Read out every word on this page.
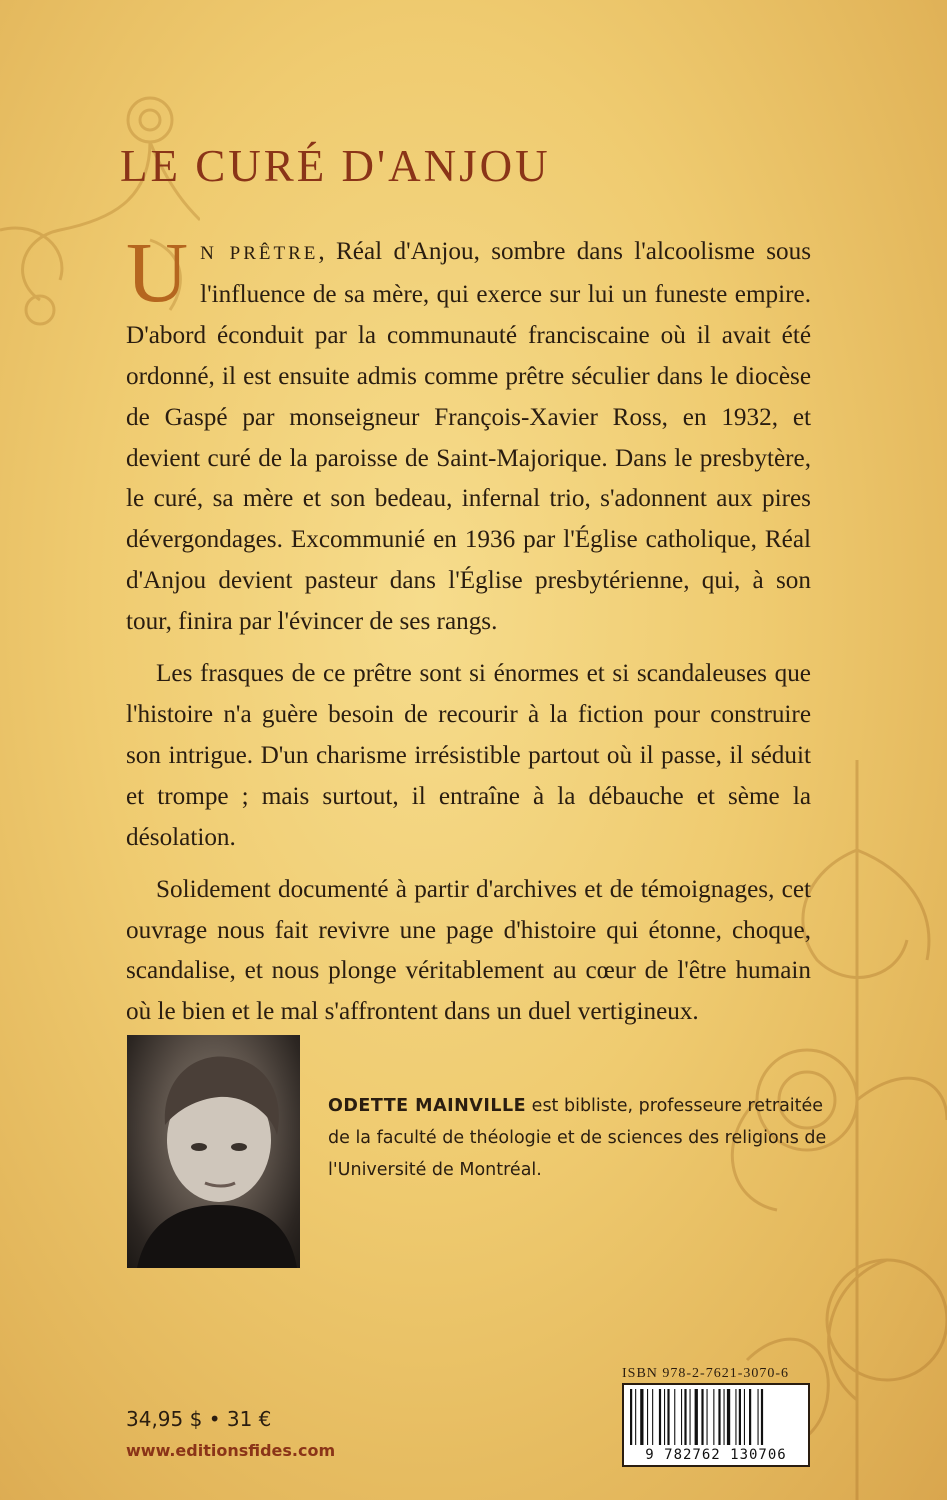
LE CURÉ D'ANJOU

U N PRÊTRE, Réal d'Anjou, sombre dans l'alcoolisme sous l'influence de sa mère, qui exerce sur lui un funeste empire. D'abord éconduit par la communauté franciscaine où il avait été ordonné, il est ensuite admis comme prêtre séculier dans le diocèse de Gaspé par monseigneur François-Xavier Ross, en 1932, et devient curé de la paroisse de Saint-Majorique. Dans le presbytère, le curé, sa mère et son bedeau, infernal trio, s'adonnent aux pires dévergondages. Excommunié en 1936 par l'Église catholique, Réal d'Anjou devient pasteur dans l'Église presbytérienne, qui, à son tour, finira par l'évincer de ses rangs.

Les frasques de ce prêtre sont si énormes et si scandaleuses que l'histoire n'a guère besoin de recourir à la fiction pour construire son intrigue. D'un charisme irrésistible partout où il passe, il séduit et trompe ; mais surtout, il entraîne à la débauche et sème la désolation.

Solidement documenté à partir d'archives et de témoignages, cet ouvrage nous fait revivre une page d'histoire qui étonne, choque, scandalise, et nous plonge véritablement au cœur de l'être humain où le bien et le mal s'affrontent dans un duel vertigineux.

ODETTE MAINVILLE est bibliste, professeure retraitée de la faculté de théologie et de sciences des religions de l'Université de Montréal.

ISBN 978-2-7621-3070-6
9 782762 130706
34,95 $ • 31 €
www.editionsfides.com
